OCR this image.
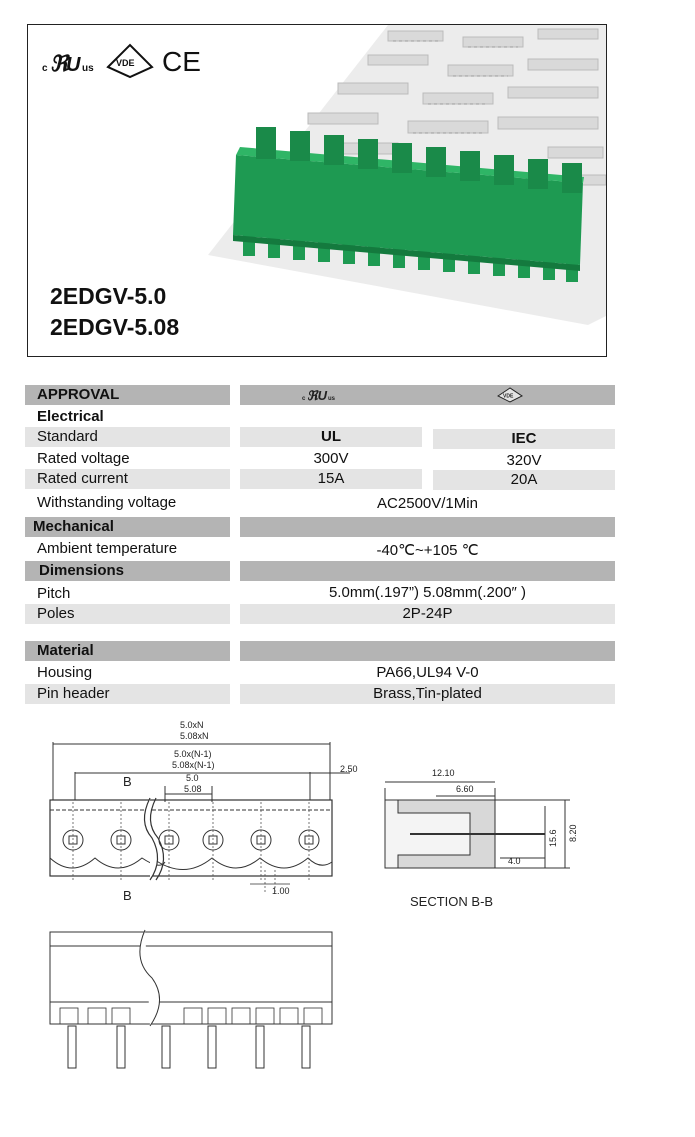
c ℜ
U us VDE CE
2EDGV-5.0
2EDGV-5.08
APPROVAL	c ℜU us	VDE
Electrical
Standard	UL	IEC
Rated voltage	300V	320V
Rated current	15A	20A
Withstanding voltage	AC2500V/1Min
Mechanical
Ambient temperature	-40℃~+105 ℃
Dimensions
Pitch	5.0mm(.197”) 5.08mm(.200″ )
Poles	2P-24P
Material
Housing	PA66,UL94 V-0
Pin header	Brass,Tin-plated
5.0xN
5.08xN
5.0x(N-1)
5.08x(N-1)	2.50
5.0
5.08
1.00
12.10
6.60
4.0
15.6 8.20
B
B	SECTION B-B
